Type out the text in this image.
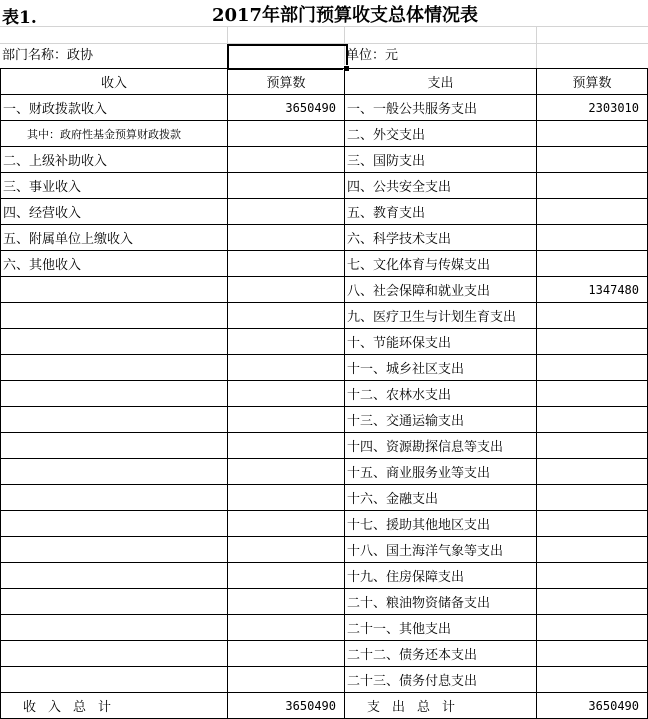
表1.	2017年部门预算收支总体情况表
部门名称：政协	单位：元
收入	预算数	支出	预算数
一、财政拨款收入	3650490	一、一般公共服务支出	2303010
其中：政府性基金预算财政拨款		二、外交支出	
二、上级补助收入		三、国防支出	
三、事业收入		四、公共安全支出	
四、经营收入		五、教育支出	
五、附属单位上缴收入		六、科学技术支出	
六、其他收入		七、文化体育与传媒支出	
		八、社会保障和就业支出	1347480
		九、医疗卫生与计划生育支出	
		十、节能环保支出	
		十一、城乡社区支出	
		十二、农林水支出	
		十三、交通运输支出	
		十四、资源勘探信息等支出	
		十五、商业服务业等支出	
		十六、金融支出	
		十七、援助其他地区支出	
		十八、国土海洋气象等支出	
		十九、住房保障支出	
		二十、粮油物资储备支出	
		二十一、其他支出	
		二十二、债务还本支出	
		二十三、债务付息支出	
收入总计	3650490	支出总计	3650490
